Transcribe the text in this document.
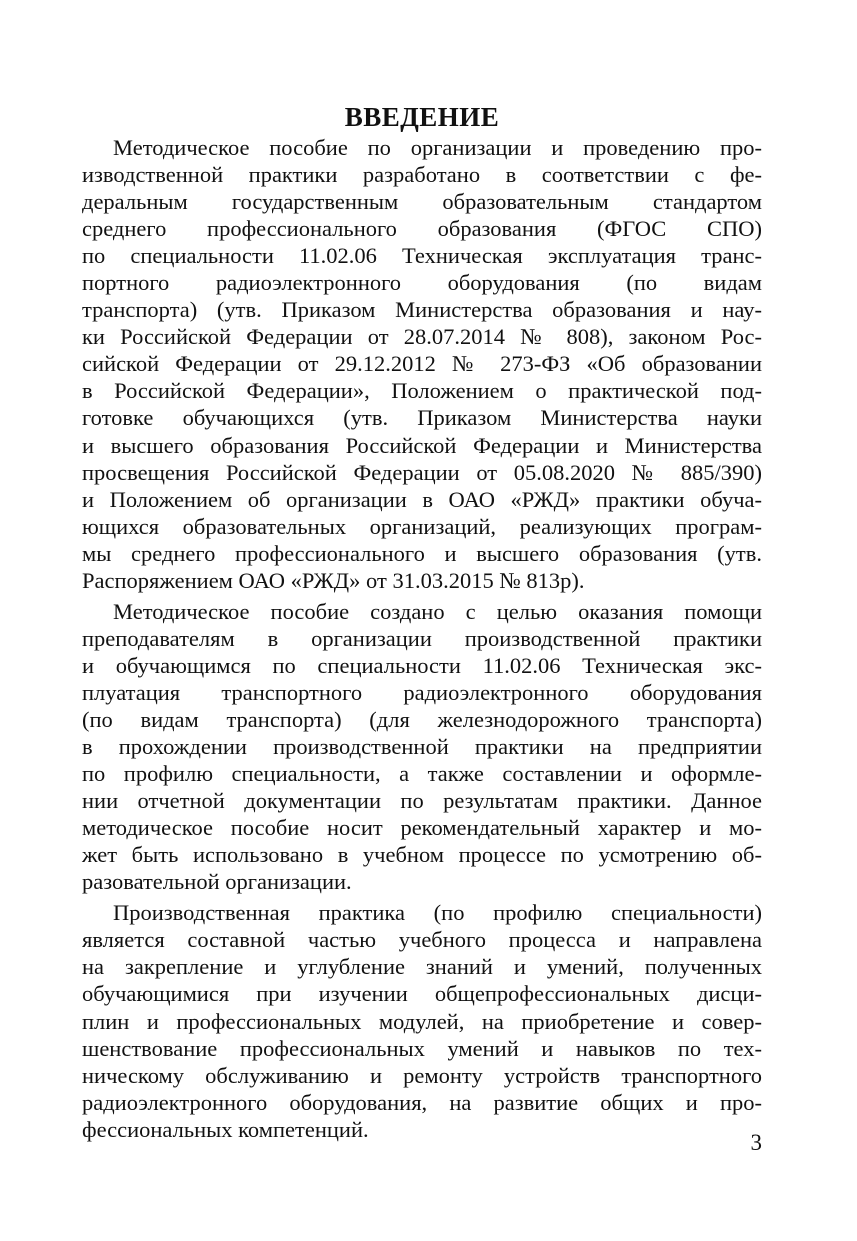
ВВЕДЕНИЕ
Методическое пособие по организации и проведению про-
изводственной практики разработано в соответствии с фе-
деральным государственным образовательным стандартом
среднего профессионального образования (ФГОС СПО)
по специальности 11.02.06 Техническая эксплуатация транс-
портного радиоэлектронного оборудования (по видам
транспорта) (утв. Приказом Министерства образования и нау-
ки Российской Федерации от 28.07.2014 № 808), законом Рос-
сийской Федерации от 29.12.2012 № 273-ФЗ «Об образовании
в Российской Федерации», Положением о практической под-
готовке обучающихся (утв. Приказом Министерства науки
и высшего образования Российской Федерации и Министерства
просвещения Российской Федерации от 05.08.2020 № 885/390)
и Положением об организации в ОАО «РЖД» практики обуча-
ющихся образовательных организаций, реализующих програм-
мы среднего профессионального и высшего образования (утв.
Распоряжением ОАО «РЖД» от 31.03.2015 № 813р).
Методическое пособие создано с целью оказания помощи
преподавателям в организации производственной практики
и обучающимся по специальности 11.02.06 Техническая экс-
плуатация транспортного радиоэлектронного оборудования
(по видам транспорта) (для железнодорожного транспорта)
в прохождении производственной практики на предприятии
по профилю специальности, а также составлении и оформле-
нии отчетной документации по результатам практики. Данное
методическое пособие носит рекомендательный характер и мо-
жет быть использовано в учебном процессе по усмотрению об-
разовательной организации.
Производственная практика (по профилю специальности)
является составной частью учебного процесса и направлена
на закрепление и углубление знаний и умений, полученных
обучающимися при изучении общепрофессиональных дисци-
плин и профессиональных модулей, на приобретение и совер-
шенствование профессиональных умений и навыков по тех-
ническому обслуживанию и ремонту устройств транспортного
радиоэлектронного оборудования, на развитие общих и про-
фессиональных компетенций.
3
